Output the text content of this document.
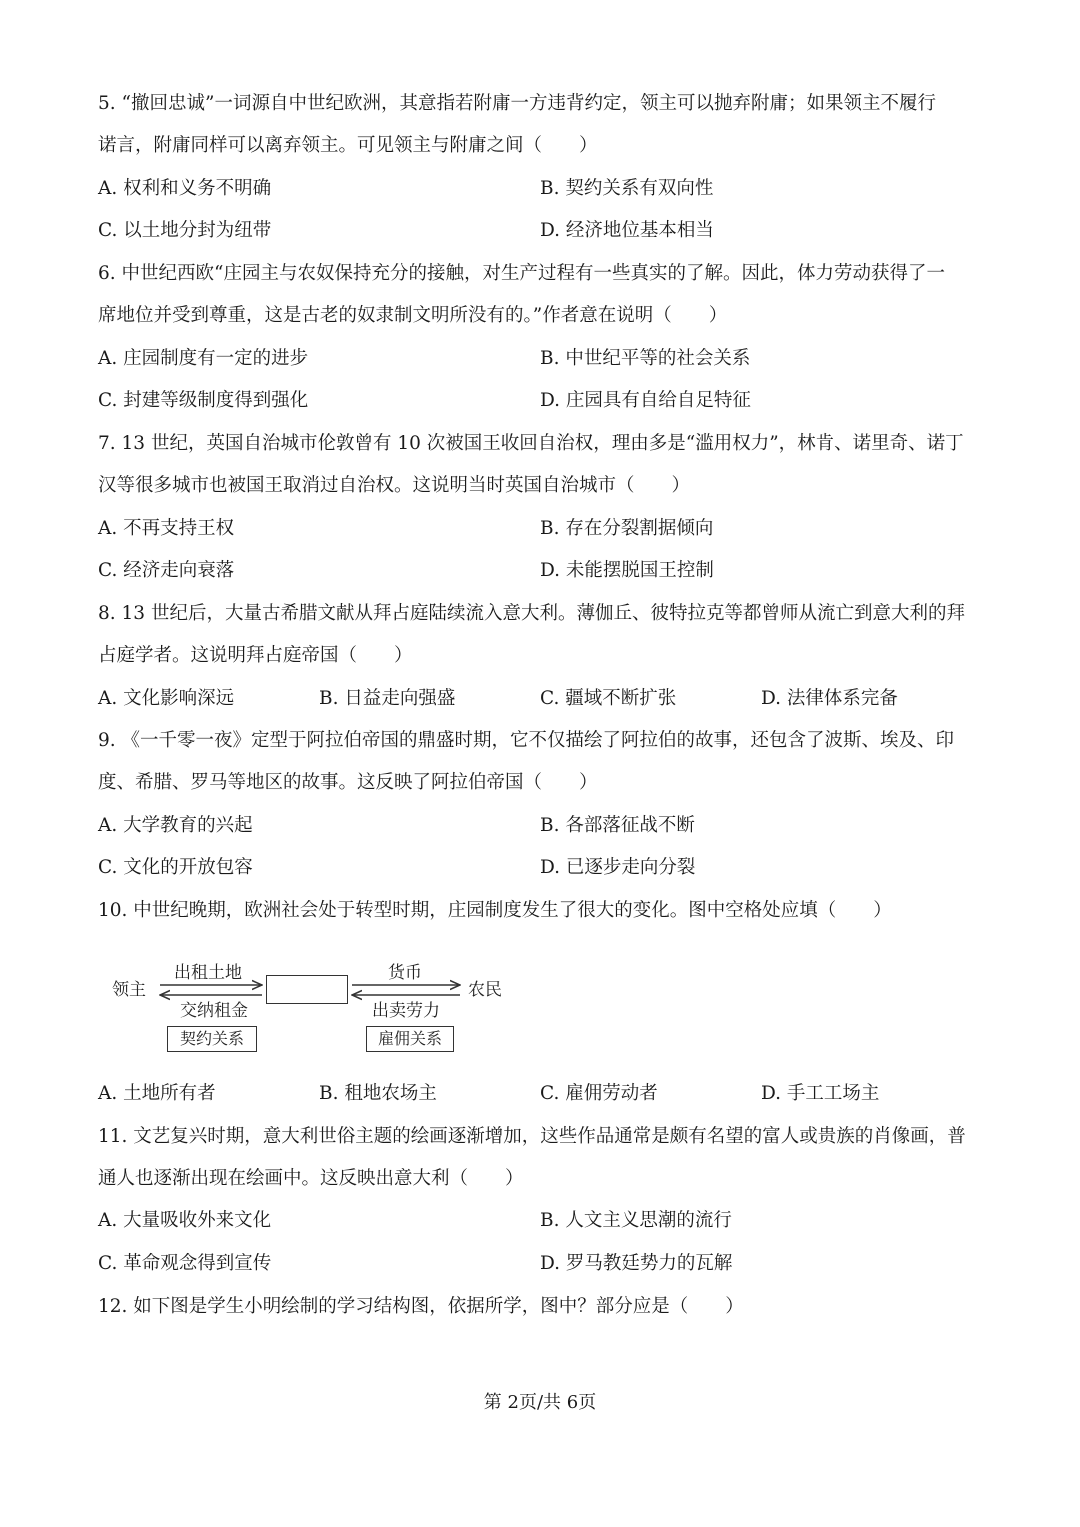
5. “撤回忠诚”一词源自中世纪欧洲，其意指若附庸一方违背约定，领主可以抛弃附庸；如果领主不履行
诺言，附庸同样可以离弃领主。可见领主与附庸之间（　　）
A. 权利和义务不明确	B. 契约关系有双向性
C. 以土地分封为纽带	D. 经济地位基本相当
6. 中世纪西欧“庄园主与农奴保持充分的接触，对生产过程有一些真实的了解。因此，体力劳动获得了一
席地位并受到尊重，这是古老的奴隶制文明所没有的。”作者意在说明（　　）
A. 庄园制度有一定的进步	B. 中世纪平等的社会关系
C. 封建等级制度得到强化	D. 庄园具有自给自足特征
7. 13 世纪，英国自治城市伦敦曾有 10 次被国王收回自治权，理由多是“滥用权力”，林肯、诺里奇、诺丁
汉等很多城市也被国王取消过自治权。这说明当时英国自治城市（　　）
A. 不再支持王权	B. 存在分裂割据倾向
C. 经济走向衰落	D. 未能摆脱国王控制
8. 13 世纪后，大量古希腊文献从拜占庭陆续流入意大利。薄伽丘、彼特拉克等都曾师从流亡到意大利的拜
占庭学者。这说明拜占庭帝国（　　）
A. 文化影响深远	B. 日益走向强盛	C. 疆域不断扩张	D. 法律体系完备
9. 《一千零一夜》定型于阿拉伯帝国的鼎盛时期，它不仅描绘了阿拉伯的故事，还包含了波斯、埃及、印
度、希腊、罗马等地区的故事。这反映了阿拉伯帝国（　　）
A. 大学教育的兴起	B. 各部落征战不断
C. 文化的开放包容	D. 已逐步走向分裂
10. 中世纪晚期，欧洲社会处于转型时期，庄园制度发生了很大的变化。图中空格处应填（　　）
领主	农民
出租土地
交纳租金
货币
出卖劳力
契约关系	雇佣关系
A. 土地所有者	B. 租地农场主	C. 雇佣劳动者	D. 手工工场主
11. 文艺复兴时期，意大利世俗主题的绘画逐渐增加，这些作品通常是颇有名望的富人或贵族的肖像画，普
通人也逐渐出现在绘画中。这反映出意大利（　　）
A. 大量吸收外来文化	B. 人文主义思潮的流行
C. 革命观念得到宣传	D. 罗马教廷势力的瓦解
12. 如下图是学生小明绘制的学习结构图，依据所学，图中？部分应是（　　）
第 2页/共 6页
